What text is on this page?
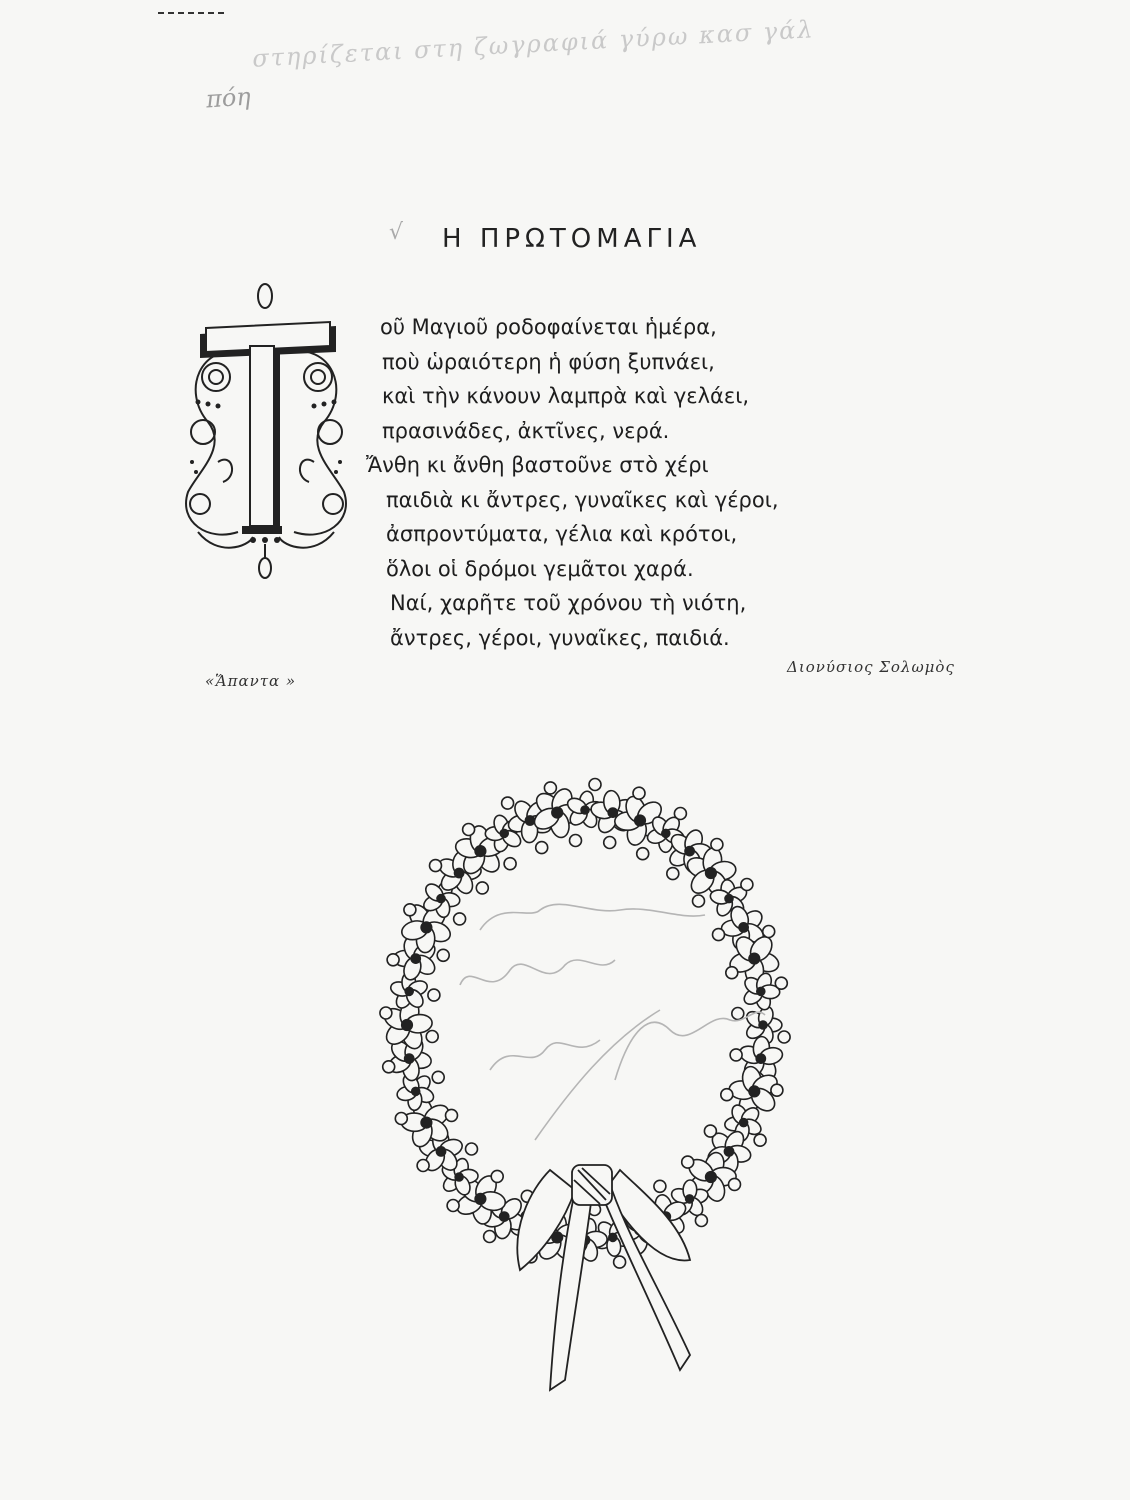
στηρίζεται στη ζωγραφιά γύρω κασ γάλ
πόη
√ Η ΠΡΩΤΟΜΑΓΙΑ
οῦ Μαγιοῦ ροδοφαίνεται ἡμέρα,
ποὺ ὡραιότερη ἡ φύση ξυπνάει,
καὶ τὴν κάνουν λαμπρὰ καὶ γελάει,
πρασινάδες, ἀκτῖνες, νερά.
Ἄνθη κι ἄνθη βαστοῦνε στὸ χέρι
παιδιὰ κι ἄντρες, γυναῖκες καὶ γέροι,
ἀσπροντύματα, γέλια καὶ κρότοι,
ὅλοι οἱ δρόμοι γεμᾶτοι χαρά.
Ναί, χαρῆτε τοῦ χρόνου τὴ νιότη,
ἄντρες, γέροι, γυναῖκες, παιδιά.
Διονύσιος Σολωμὸς
«Ἅπαντα »
